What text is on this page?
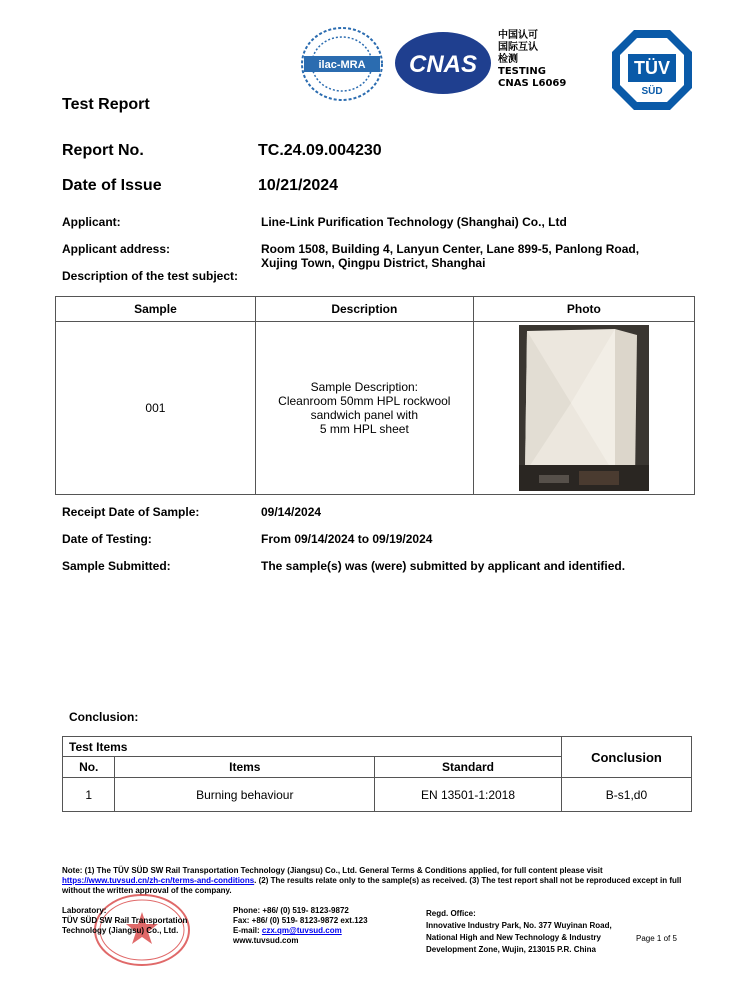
ilac-MRA CNAS
中国认可
国际互认
检测
TESTING
CNAS L6069
TÜV
SÜD
Test Report
Report No.	TC.24.09.004230
Date of Issue	10/21/2024
Applicant:	Line-Link Purification Technology (Shanghai) Co., Ltd
Applicant address:	Room 1508, Building 4, Lanyun Center, Lane 899-5, Panlong Road,
Xujing Town, Qingpu District, Shanghai
Description of the test subject:
Sample	Description	Photo
001	Sample Description:
Cleanroom 50mm HPL rockwool
sandwich panel with
5 mm HPL sheet

Receipt Date of Sample:	09/14/2024
Date of Testing:	From 09/14/2024 to 09/19/2024
Sample Submitted:	The sample(s) was (were) submitted by applicant and identified.
Conclusion:
Test Items			Conclusion
No.	Items	Standard	
1	Burning behaviour	EN 13501-1:2018	B-s1,d0
Note: (1) The TÜV SÜD SW Rail Transportation Technology (Jiangsu) Co., Ltd. General Terms & Conditions applied, for full content please visit
https://www.tuvsud.cn/zh-cn/terms-and-conditions. (2) The results relate only to the sample(s) as received. (3) The test report shall not be reproduced except in full without the written approval of the company.
Laboratory:
TÜV SÜD SW Rail Transportation
Technology (Jiangsu) Co., Ltd.
Phone: +86/ (0) 519- 8123-9872
Fax: +86/ (0) 519- 8123-9872 ext.123
E-mail: czx.qm@tuvsud.com
www.tuvsud.com
Regd. Office:
Innovative Industry Park, No. 377 Wuyinan Road,
National High and New Technology & Industry
Development Zone, Wujin, 213015 P.R. China
Page 1 of 5
